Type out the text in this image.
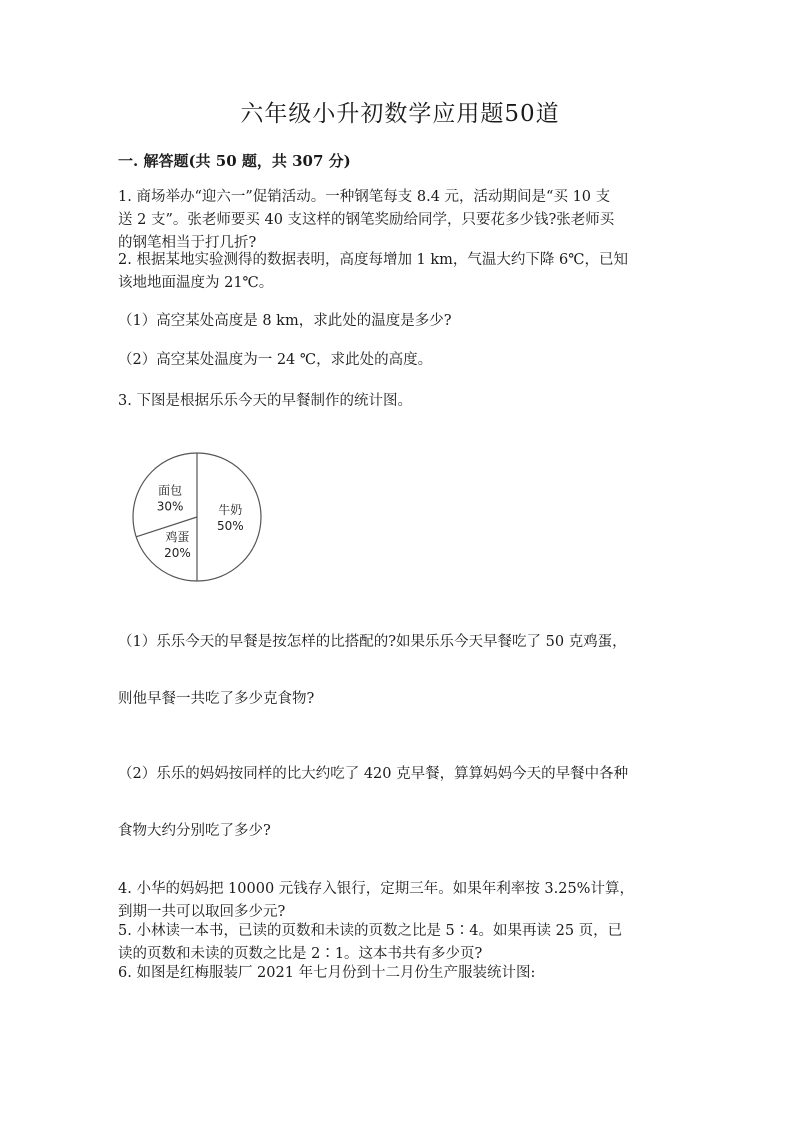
六年级小升初数学应用题50道
一. 解答题(共 50 题，共 307 分)
1. 商场举办“迎六一”促销活动。一种钢笔每支 8.4 元，活动期间是“买 10 支
送 2 支”。张老师要买 40 支这样的钢笔奖励给同学，只要花多少钱?张老师买
的钢笔相当于打几折?
2. 根据某地实验测得的数据表明，高度每增加 1 km，气温大约下降 6℃，已知
该地地面温度为 21℃。
（1）高空某处高度是 8 km，求此处的温度是多少?
（2）高空某处温度为一 24 ℃，求此处的高度。
3. 下图是根据乐乐今天的早餐制作的统计图。
牛奶
50%
鸡蛋
20%
面包
30%
（1）乐乐今天的早餐是按怎样的比搭配的?如果乐乐今天早餐吃了 50 克鸡蛋，
则他早餐一共吃了多少克食物?
（2）乐乐的妈妈按同样的比大约吃了 420 克早餐，算算妈妈今天的早餐中各种
食物大约分别吃了多少?
4. 小华的妈妈把 10000 元钱存入银行，定期三年。如果年利率按 3.25%计算，
到期一共可以取回多少元?
5. 小林读一本书，已读的页数和未读的页数之比是 5∶4。如果再读 25 页，已
读的页数和未读的页数之比是 2∶1。这本书共有多少页?
6. 如图是红梅服装厂 2021 年七月份到十二月份生产服装统计图:
